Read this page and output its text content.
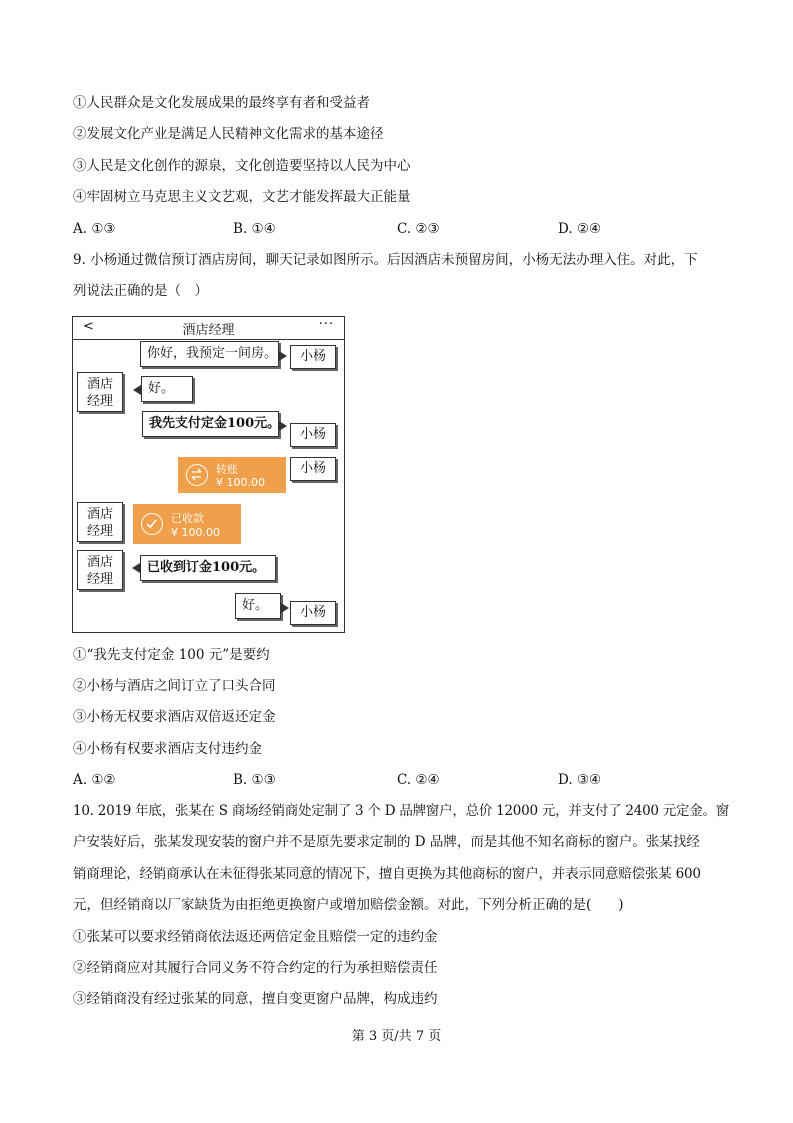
①人民群众是文化发展成果的最终享有者和受益者
②发展文化产业是满足人民精神文化需求的基本途径
③人民是文化创作的源泉，文化创造要坚持以人民为中心
④牢固树立马克思主义文艺观，文艺才能发挥最大正能量
A. ①③	B. ①④	C. ②③	D. ②④
9. 小杨通过微信预订酒店房间，聊天记录如图所示。后因酒店未预留房间，小杨无法办理入住。对此，下
列说法正确的是（　）
<	酒店经理	···
你好，我预定一间房。	小杨
酒店
经理
好。
我先支付定金100元。
小杨
转账
¥ 100.00
小杨
酒店
经理
已收款
¥ 100.00
酒店
经理
已收到订金100元。
好。	小杨
①“我先支付定金 100 元”是要约
②小杨与酒店之间订立了口头合同
③小杨无权要求酒店双倍返还定金
④小杨有权要求酒店支付违约金
A. ①②	B. ①③	C. ②④	D. ③④
10. 2019 年底，张某在 S 商场经销商处定制了 3 个 D 品牌窗户，总价 12000 元，并支付了 2400 元定金。窗
户安装好后，张某发现安装的窗户并不是原先要求定制的 D 品牌，而是其他不知名商标的窗户。张某找经
销商理论，经销商承认在未征得张某同意的情况下，擅自更换为其他商标的窗户，并表示同意赔偿张某 600
元，但经销商以厂家缺货为由拒绝更换窗户或增加赔偿金额。对此，下列分析正确的是(　　)
①张某可以要求经销商依法返还两倍定金且赔偿一定的违约金
②经销商应对其履行合同义务不符合约定的行为承担赔偿责任
③经销商没有经过张某的同意，擅自变更窗户品牌，构成违约
第 3 页/共 7 页
